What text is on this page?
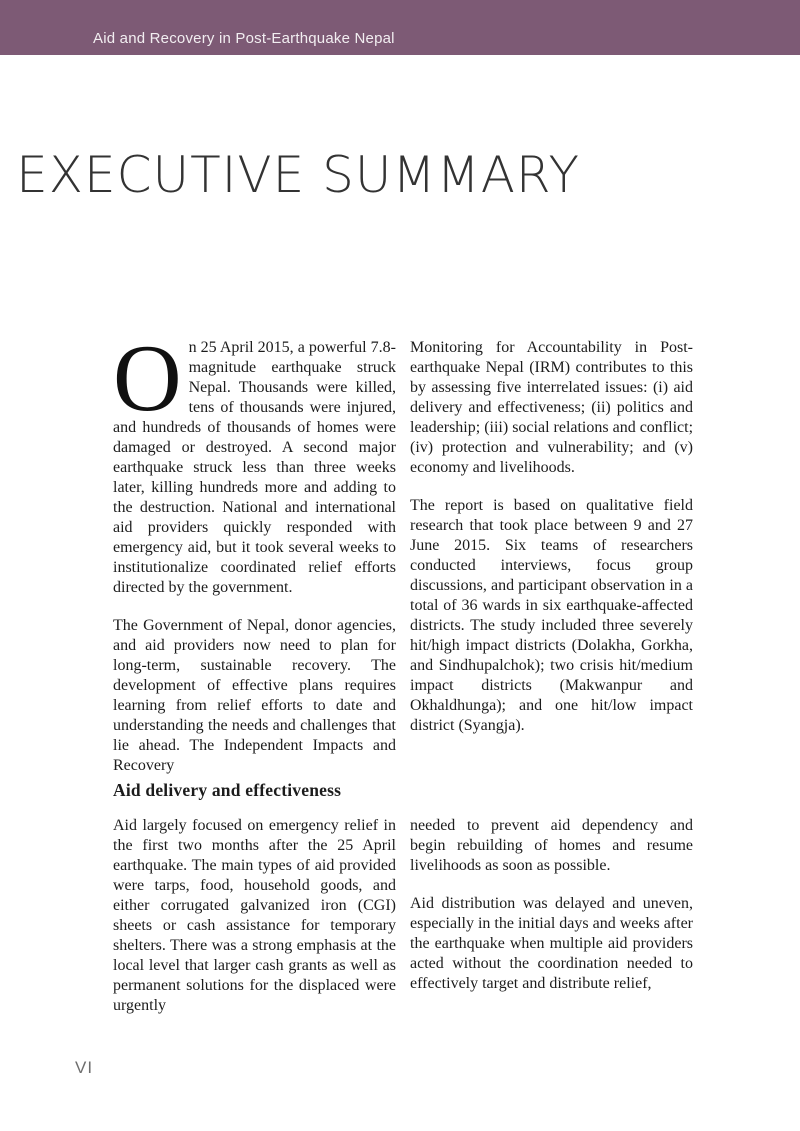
Aid and Recovery in Post-Earthquake Nepal
EXECUTIVE SUMMARY

On 25 April 2015, a powerful 7.8-magnitude earthquake struck Nepal. Thousands were killed, tens of thousands were injured, and hundreds of thousands of homes were damaged or destroyed. A second major earthquake struck less than three weeks later, killing hundreds more and adding to the destruction. National and international aid providers quickly responded with emergency aid, but it took several weeks to institutionalize coordinated relief efforts directed by the government.

The Government of Nepal, donor agencies, and aid providers now need to plan for long-term, sustainable recovery. The development of effective plans requires learning from relief efforts to date and understanding the needs and challenges that lie ahead. The Independent Impacts and Recovery

Monitoring for Accountability in Post-earthquake Nepal (IRM) contributes to this by assessing five interrelated issues: (i) aid delivery and effectiveness; (ii) politics and leadership; (iii) social relations and conflict; (iv) protection and vulnerability; and (v) economy and livelihoods.

The report is based on qualitative field research that took place between 9 and 27 June 2015. Six teams of researchers conducted interviews, focus group discussions, and participant observation in a total of 36 wards in six earthquake-affected districts. The study included three severely hit/high impact districts (Dolakha, Gorkha, and Sindhupalchok); two crisis hit/medium impact districts (Makwanpur and Okhaldhunga); and one hit/low impact district (Syangja).

Aid delivery and effectiveness

Aid largely focused on emergency relief in the first two months after the 25 April earthquake. The main types of aid provided were tarps, food, household goods, and either corrugated galvanized iron (CGI) sheets or cash assistance for temporary shelters. There was a strong emphasis at the local level that larger cash grants as well as permanent solutions for the displaced were urgently

needed to prevent aid dependency and begin rebuilding of homes and resume livelihoods as soon as possible.

Aid distribution was delayed and uneven, especially in the initial days and weeks after the earthquake when multiple aid providers acted without the coordination needed to effectively target and distribute relief,

VI
